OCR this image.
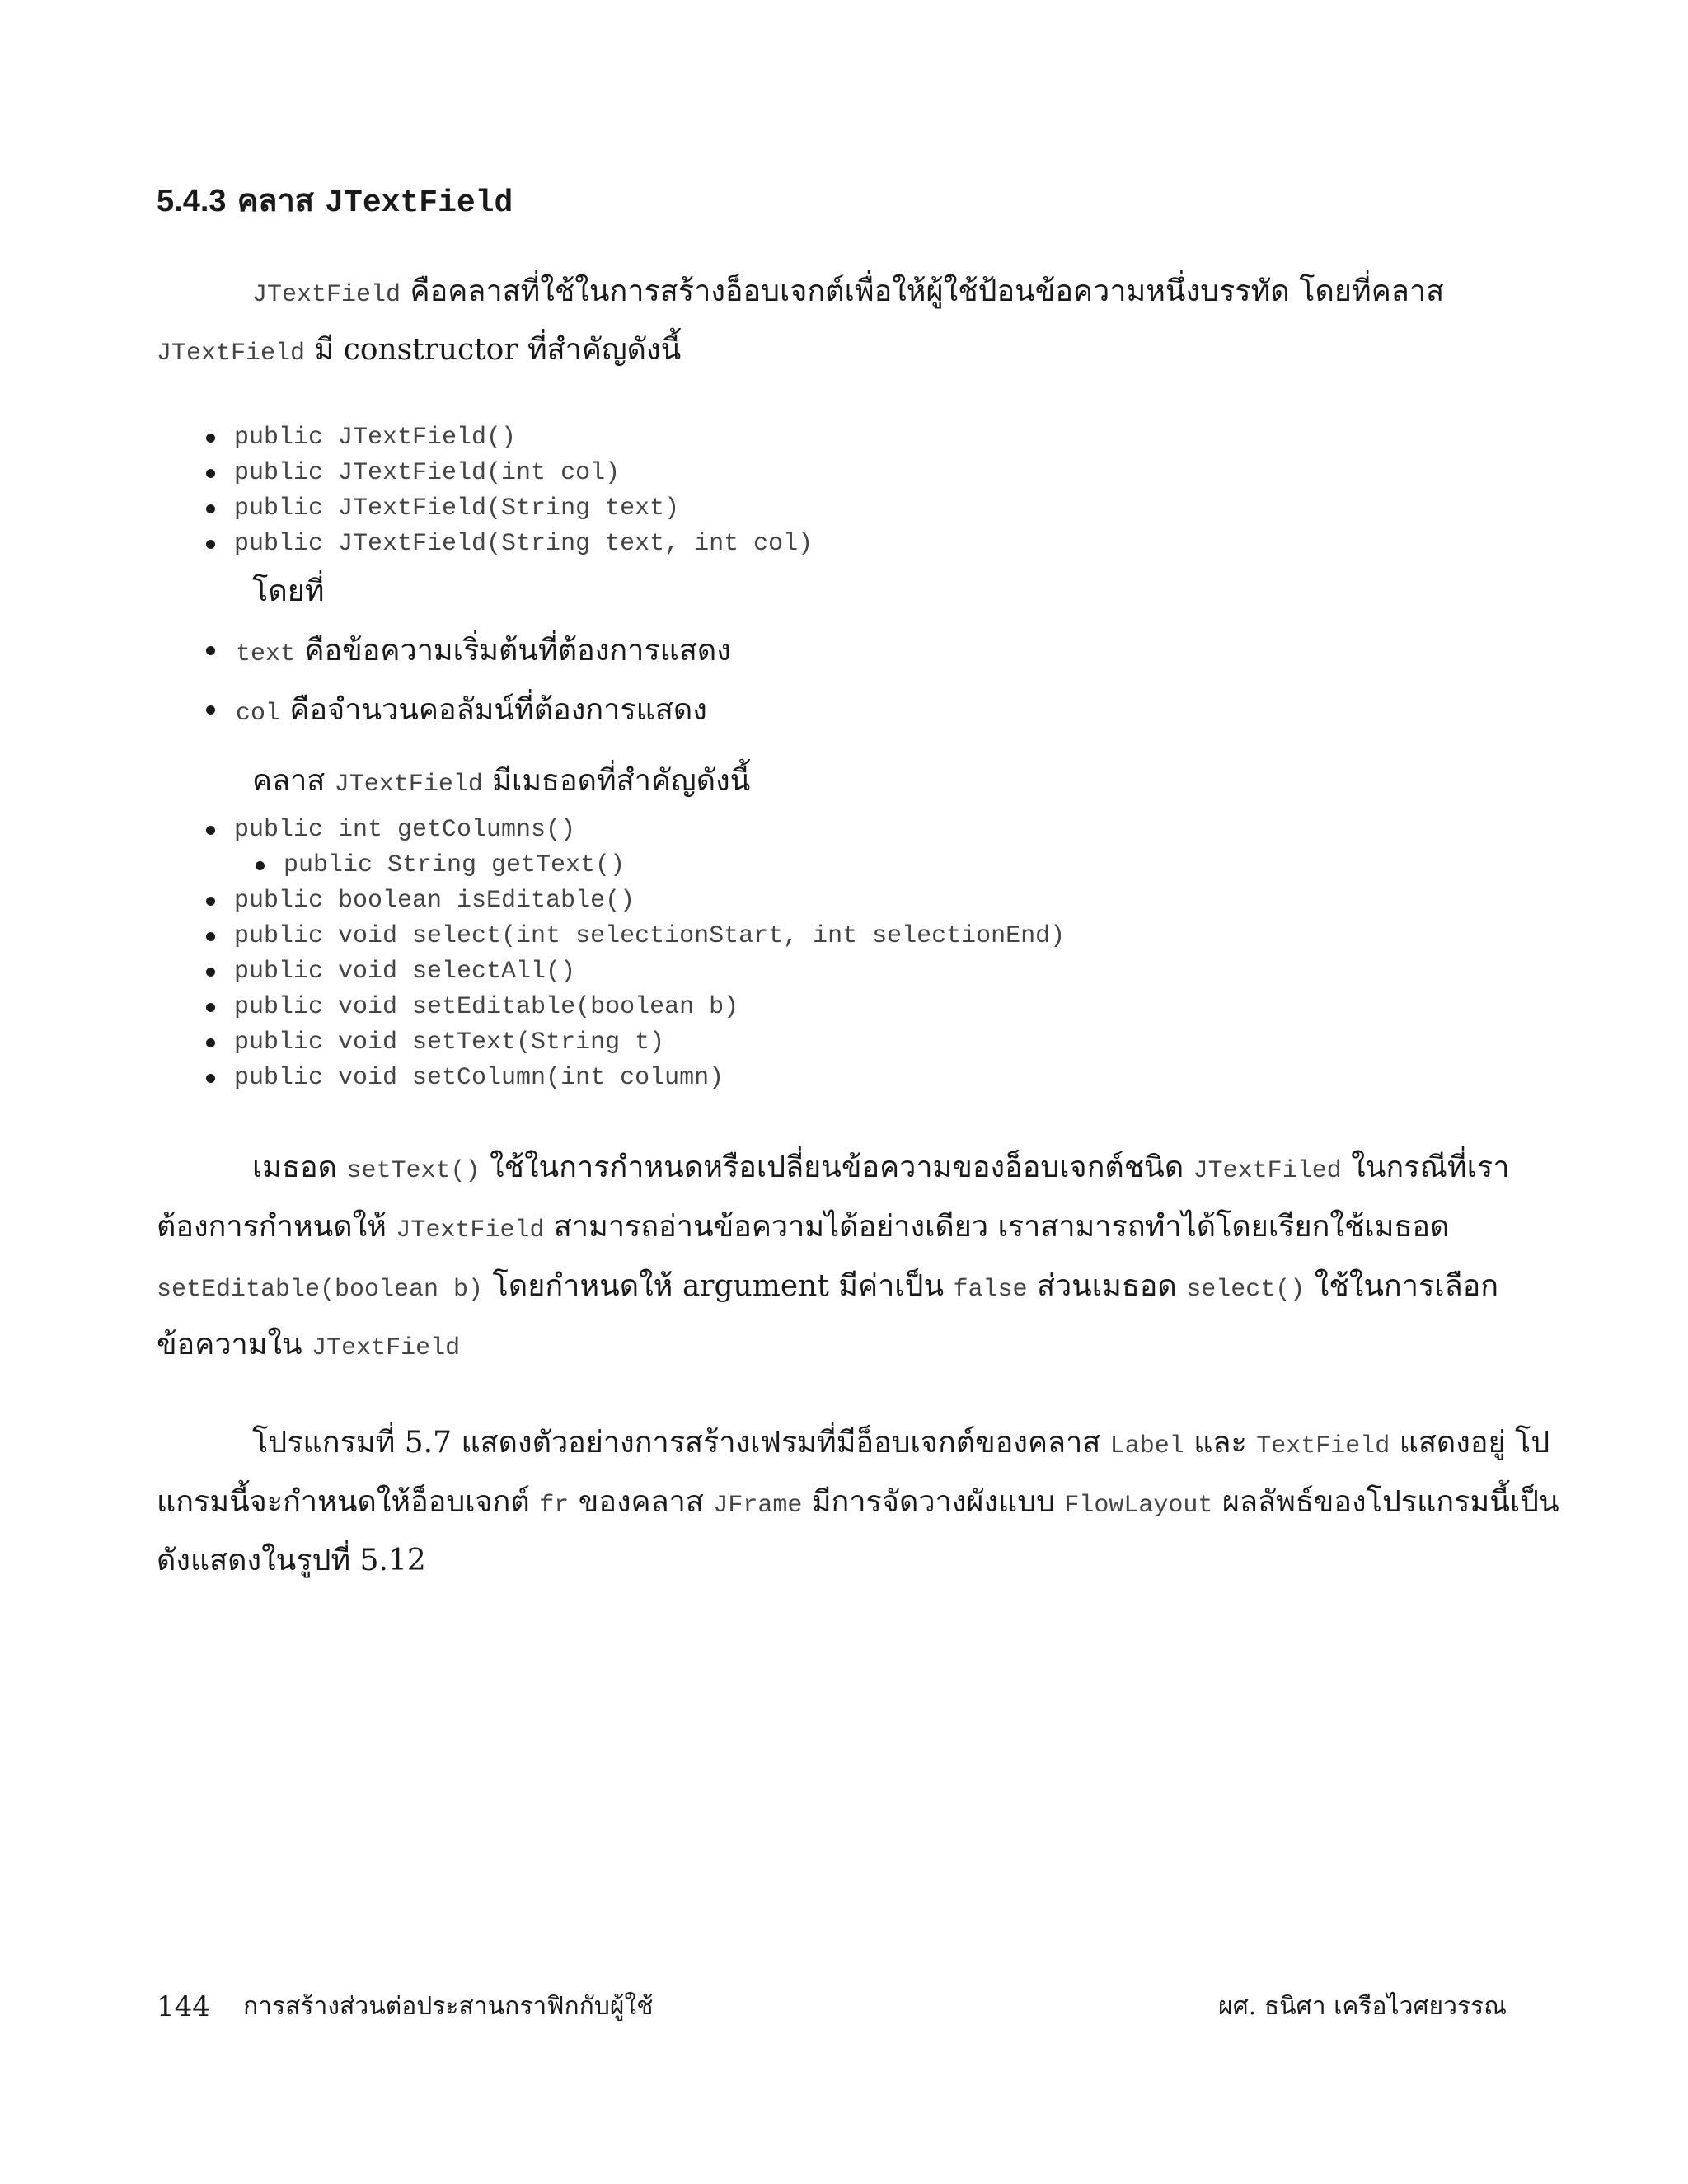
5.4.3 คลาส JTextField

JTextField คือคลาสที่ใช้ในการสร้างอ็อบเจกต์เพื่อให้ผู้ใช้ป้อนข้อความหนึ่งบรรทัด โดยที่คลาส

JTextField มี constructor ที่สำคัญดังนี้

public JTextField()
public JTextField(int col)
public JTextField(String text)
public JTextField(String text, int col)

โดยที่

text คือข้อความเริ่มต้นที่ต้องการแสดง
col คือจำนวนคอลัมน์ที่ต้องการแสดง

คลาส JTextField มีเมธอดที่สำคัญดังนี้

public int getColumns()
public String getText()
public boolean isEditable()
public void select(int selectionStart, int selectionEnd)
public void selectAll()
public void setEditable(boolean b)
public void setText(String t)
public void setColumn(int column)

เมธอด setText() ใช้ในการกำหนดหรือเปลี่ยนข้อความของอ็อบเจกต์ชนิด JTextFiled ในกรณีที่เรา

ต้องการกำหนดให้ JTextField สามารถอ่านข้อความได้อย่างเดียว เราสามารถทำได้โดยเรียกใช้เมธอด

setEditable(boolean b) โดยกำหนดให้ argument มีค่าเป็น false ส่วนเมธอด select() ใช้ในการเลือก

ข้อความใน JTextField

โปรแกรมที่ 5.7 แสดงตัวอย่างการสร้างเฟรมที่มีอ็อบเจกต์ของคลาส Label และ TextField แสดงอยู่ โป

แกรมนี้จะกำหนดให้อ็อบเจกต์ fr ของคลาส JFrame มีการจัดวางผังแบบ FlowLayout ผลลัพธ์ของโปรแกรมนี้เป็น

ดังแสดงในรูปที่ 5.12

144 การสร้างส่วนต่อประสานกราฟิกกับผู้ใช้	ผศ. ธนิศา เครือไวศยวรรณ
